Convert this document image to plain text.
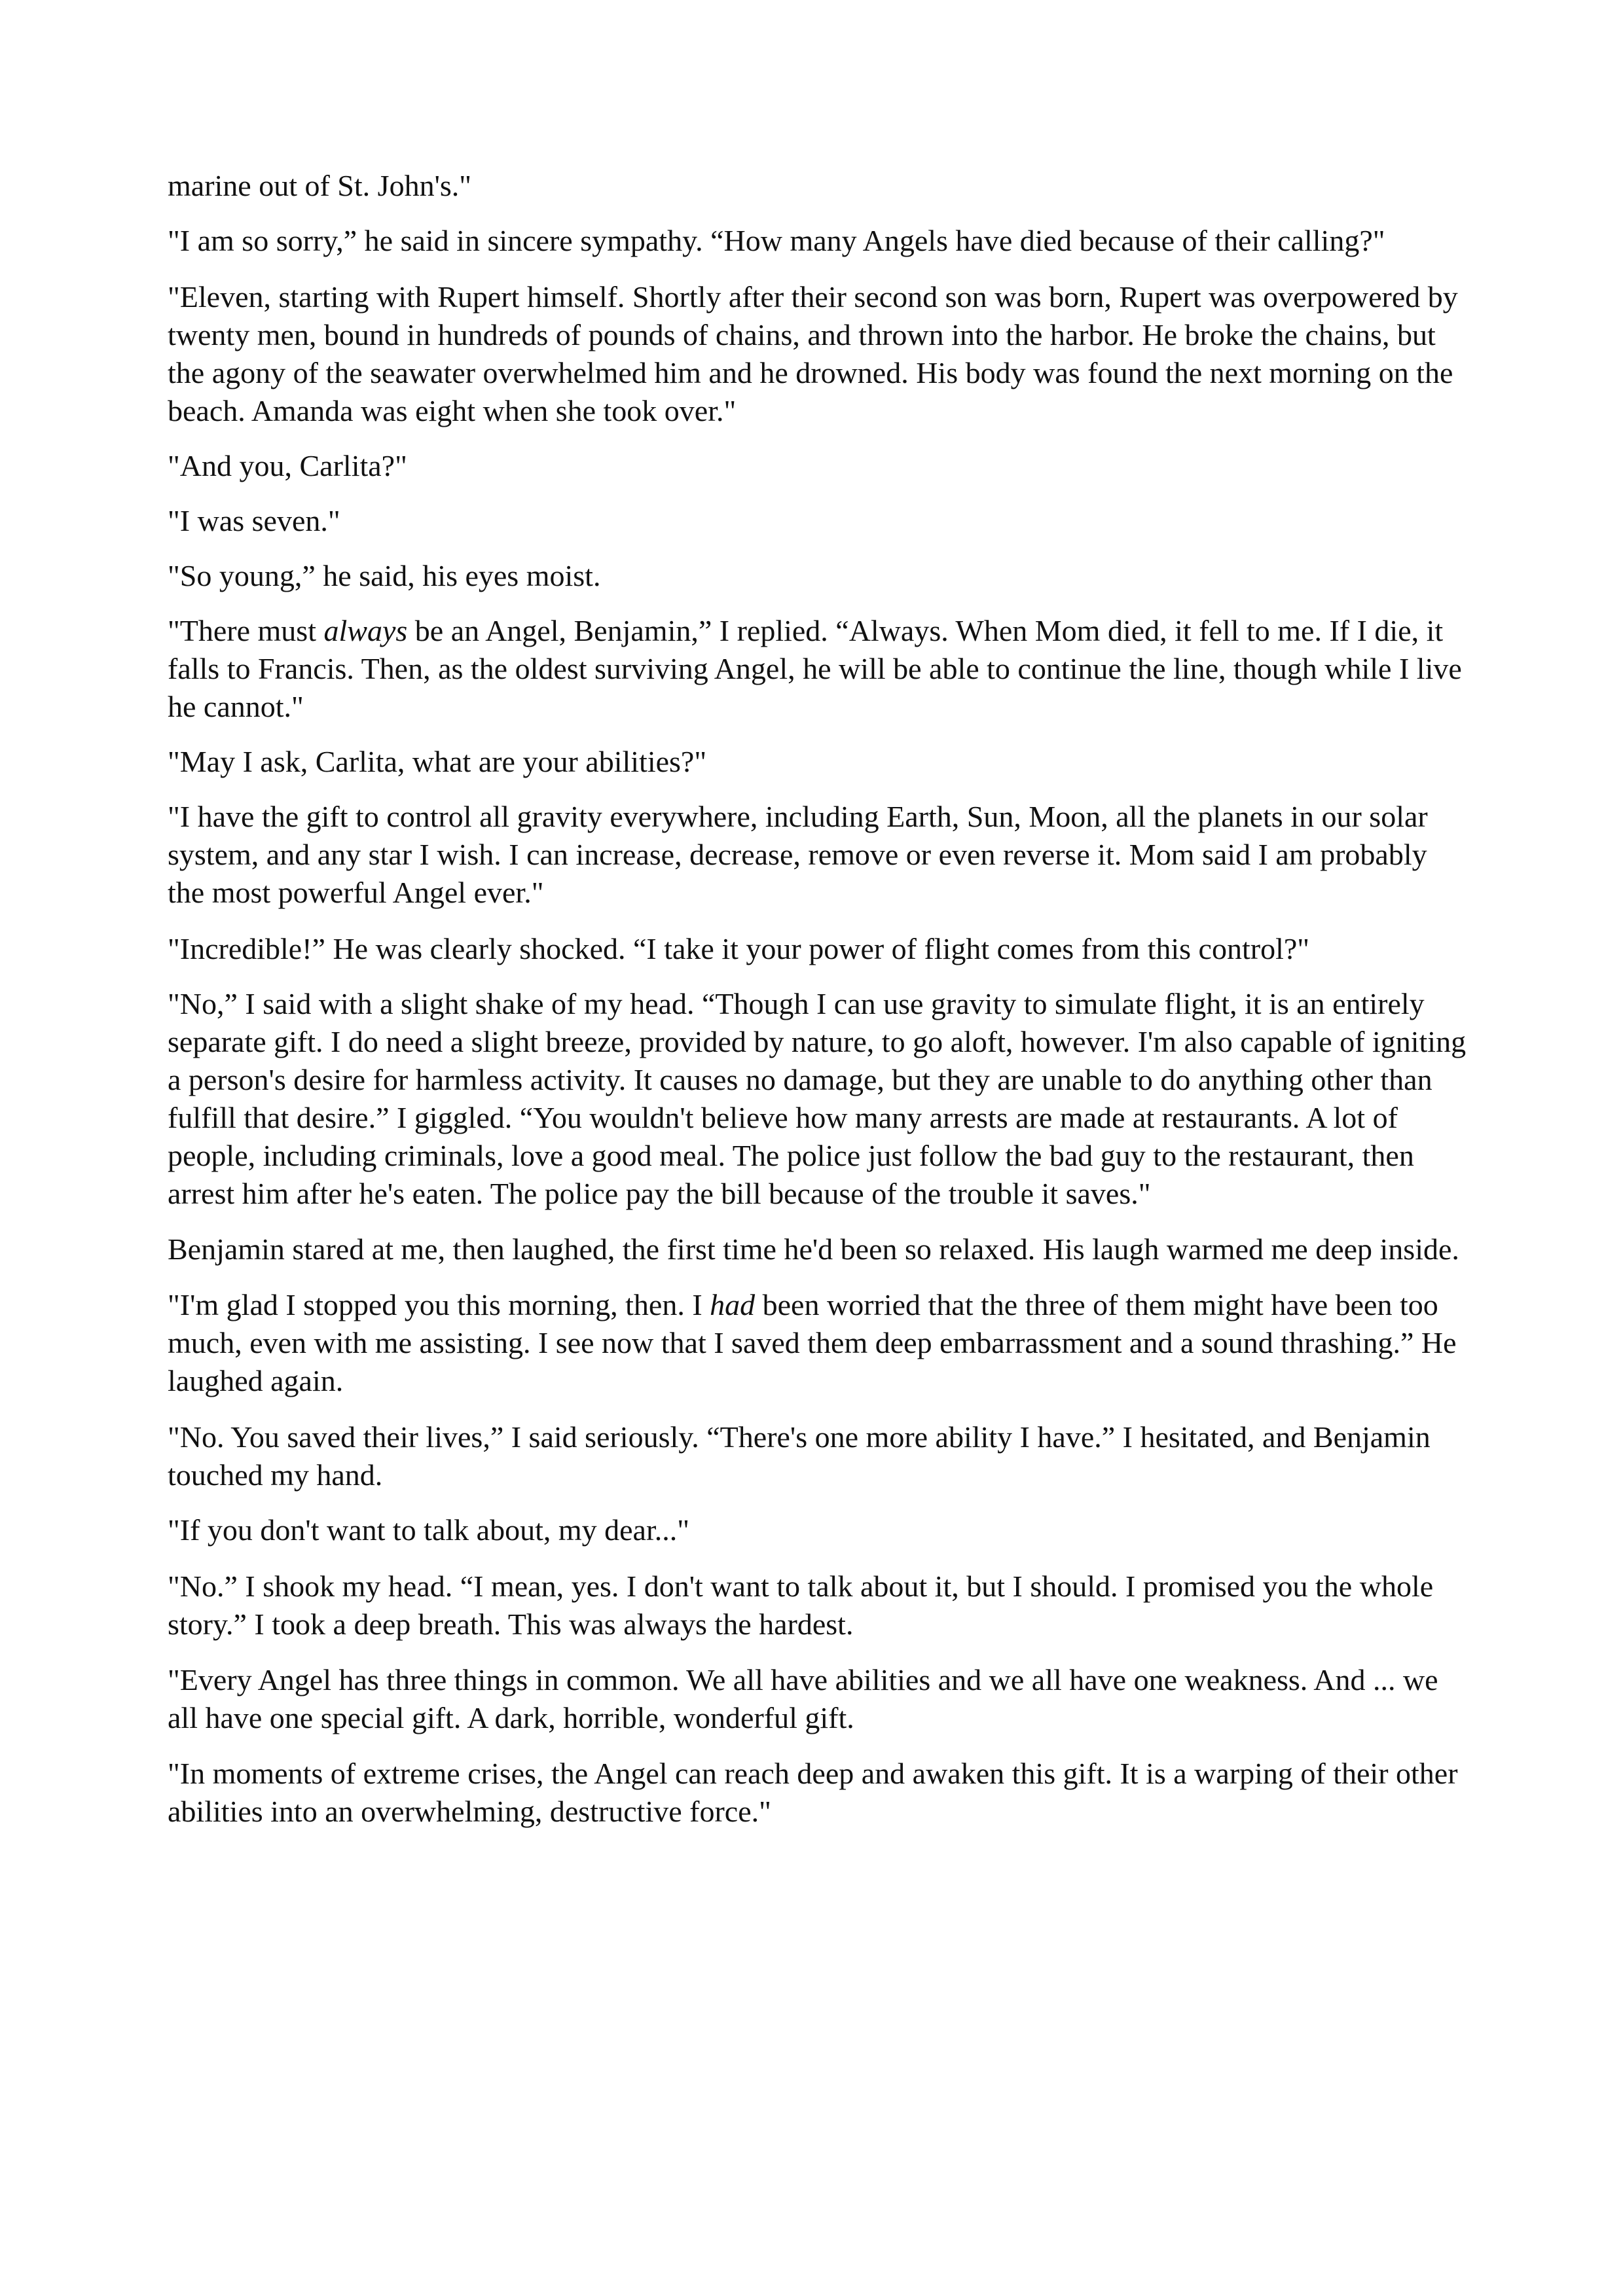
marine out of St. John's."

"I am so sorry,” he said in sincere sympathy. “How many Angels have died because of their calling?"

"Eleven, starting with Rupert himself. Shortly after their second son was born, Rupert was overpowered by twenty men, bound in hundreds of pounds of chains, and thrown into the harbor. He broke the chains, but the agony of the seawater overwhelmed him and he drowned. His body was found the next morning on the beach. Amanda was eight when she took over."

"And you, Carlita?"

"I was seven."

"So young,” he said, his eyes moist.

"There must always be an Angel, Benjamin,” I replied. “Always. When Mom died, it fell to me. If I die, it falls to Francis. Then, as the oldest surviving Angel, he will be able to continue the line, though while I live he cannot."

"May I ask, Carlita, what are your abilities?"

"I have the gift to control all gravity everywhere, including Earth, Sun, Moon, all the planets in our solar system, and any star I wish. I can increase, decrease, remove or even reverse it. Mom said I am probably the most powerful Angel ever."

"Incredible!” He was clearly shocked. “I take it your power of flight comes from this control?"

"No,” I said with a slight shake of my head. “Though I can use gravity to simulate flight, it is an entirely separate gift. I do need a slight breeze, provided by nature, to go aloft, however. I'm also capable of igniting a person's desire for harmless activity. It causes no damage, but they are unable to do anything other than fulfill that desire.” I giggled. “You wouldn't believe how many arrests are made at restaurants. A lot of people, including criminals, love a good meal. The police just follow the bad guy to the restaurant, then arrest him after he's eaten. The police pay the bill because of the trouble it saves."

Benjamin stared at me, then laughed, the first time he'd been so relaxed. His laugh warmed me deep inside.

"I'm glad I stopped you this morning, then. I had been worried that the three of them might have been too much, even with me assisting. I see now that I saved them deep embarrassment and a sound thrashing.” He laughed again.

"No. You saved their lives,” I said seriously. “There's one more ability I have.” I hesitated, and Benjamin touched my hand.

"If you don't want to talk about, my dear..."

"No.” I shook my head. “I mean, yes. I don't want to talk about it, but I should. I promised you the whole story.” I took a deep breath. This was always the hardest.

"Every Angel has three things in common. We all have abilities and we all have one weakness. And ... we all have one special gift. A dark, horrible, wonderful gift.

"In moments of extreme crises, the Angel can reach deep and awaken this gift. It is a warping of their other abilities into an overwhelming, destructive force."
